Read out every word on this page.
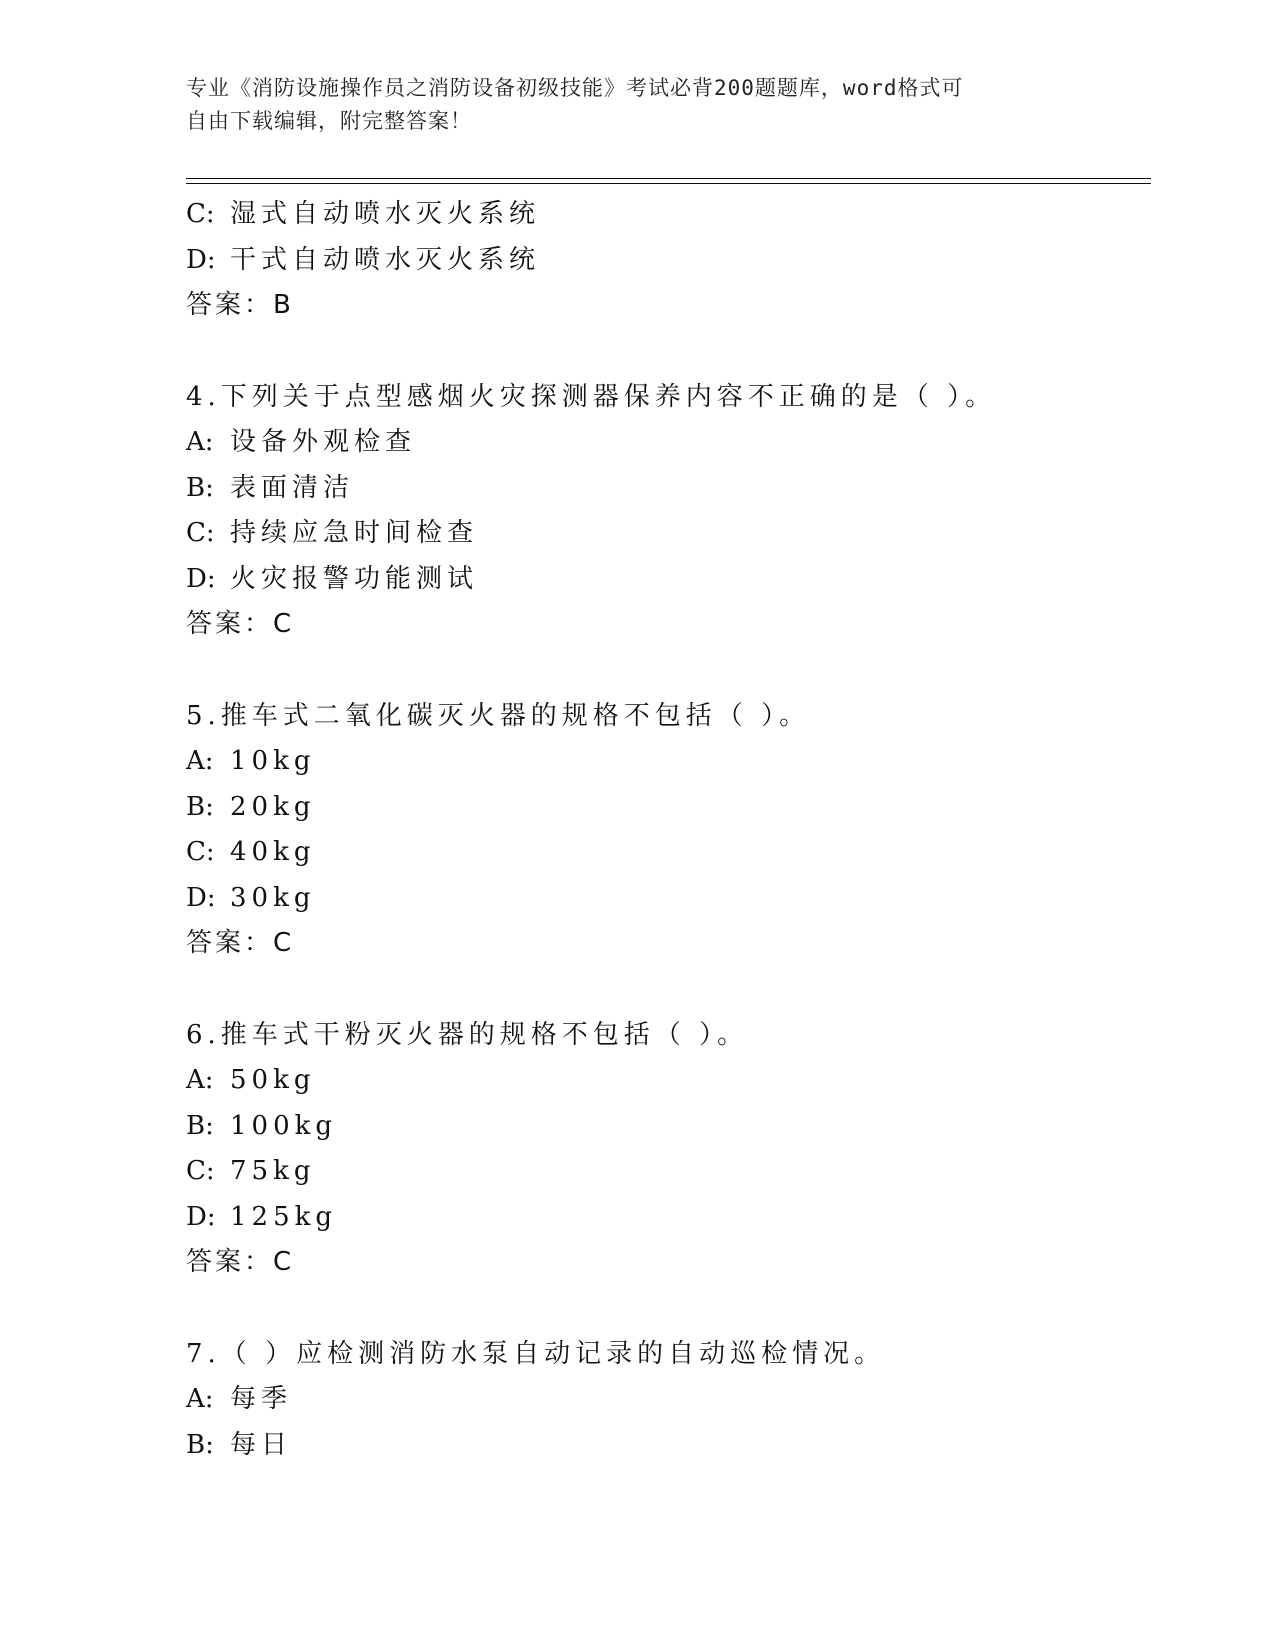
专业《消防设施操作员之消防设备初级技能》考试必背200题题库，word格式可
自由下载编辑，附完整答案！
C: 湿式自动喷水灭火系统
D: 干式自动喷水灭火系统
答案：B
4.下列关于点型感烟火灾探测器保养内容不正确的是（ ）。
A: 设备外观检查
B: 表面清洁
C: 持续应急时间检查
D: 火灾报警功能测试
答案：C
5.推车式二氧化碳灭火器的规格不包括（ ）。
A: 10kg
B: 20kg
C: 40kg
D: 30kg
答案：C
6.推车式干粉灭火器的规格不包括（ ）。
A: 50kg
B: 100kg
C: 75kg
D: 125kg
答案：C
7.（ ）应检测消防水泵自动记录的自动巡检情况。
A: 每季
B: 每日
